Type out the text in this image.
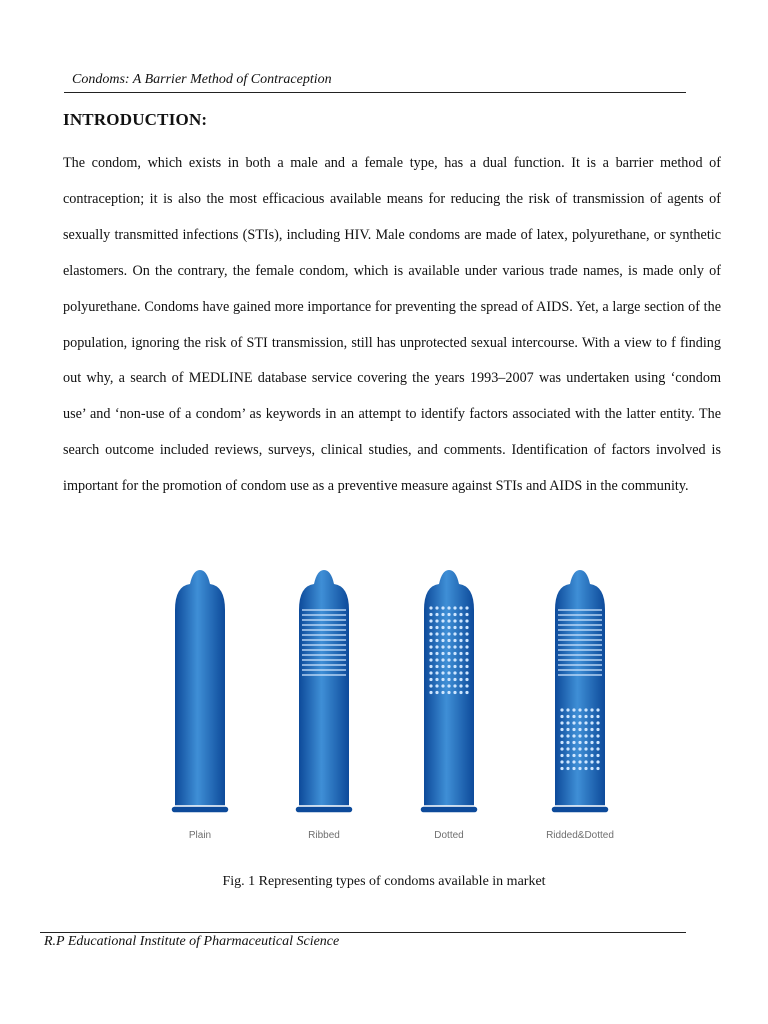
Condoms: A Barrier Method of Contraception
INTRODUCTION:
The condom, which exists in both a male and a female type, has a dual function. It is a barrier method of contraception; it is also the most efficacious available means for reducing the risk of transmission of agents of sexually transmitted infections (STIs), including HIV. Male condoms are made of latex, polyurethane, or synthetic elastomers. On the contrary, the female condom, which is available under various trade names, is made only of polyurethane. Condoms have gained more importance for preventing the spread of AIDS. Yet, a large section of the population, ignoring the risk of STI transmission, still has unprotected sexual intercourse. With a view to f finding out why, a search of MEDLINE database service covering the years 1993–2007 was undertaken using ‘condom use’ and ‘non-use of a condom’ as keywords in an attempt to identify factors associated with the latter entity. The search outcome included reviews, surveys, clinical studies, and comments. Identification of factors involved is important for the promotion of condom use as a preventive measure against STIs and AIDS in the community.
Plain	Ribbed	Dotted	Ridded&Dotted
Fig. 1 Representing types of condoms available in market
R.P Educational Institute of Pharmaceutical Science
